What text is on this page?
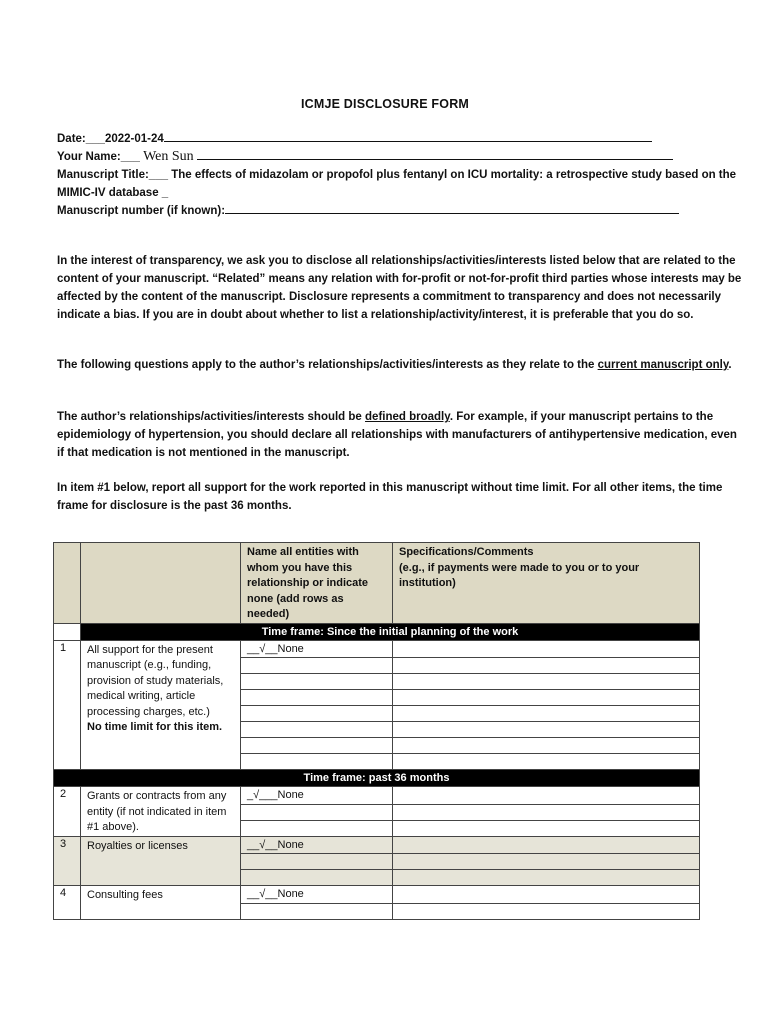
ICMJE DISCLOSURE FORM
Date:___2022-01-24
Your Name:___ Wen Sun
Manuscript Title:___ The effects of midazolam or propofol plus fentanyl on ICU mortality: a retrospective study based on the MIMIC-IV database _
Manuscript number (if known):
In the interest of transparency, we ask you to disclose all relationships/activities/interests listed below that are related to the content of your manuscript. “Related” means any relation with for-profit or not-for-profit third parties whose interests may be affected by the content of the manuscript. Disclosure represents a commitment to transparency and does not necessarily indicate a bias. If you are in doubt about whether to list a relationship/activity/interest, it is preferable that you do so.
The following questions apply to the author’s relationships/activities/interests as they relate to the current manuscript only.
The author’s relationships/activities/interests should be defined broadly. For example, if your manuscript pertains to the epidemiology of hypertension, you should declare all relationships with manufacturers of antihypertensive medication, even if that medication is not mentioned in the manuscript.
In item #1 below, report all support for the work reported in this manuscript without time limit. For all other items, the time frame for disclosure is the past 36 months.
		Name all entities with whom you have this relationship or indicate none (add rows as needed)	Specifications/Comments
(e.g., if payments were made to you or to your institution)

	Time frame: Since the initial planning of the work		
1	All support for the present manuscript (e.g., funding, provision of study materials, medical writing, article processing charges, etc.)
No time limit for this item.	__√__None	

Time frame: past 36 months			
2	Grants or contracts from any entity (if not indicated in item #1 above).	_√___None	

3	Royalties or licenses	__√__None	

4	Consulting fees	__√__None	
